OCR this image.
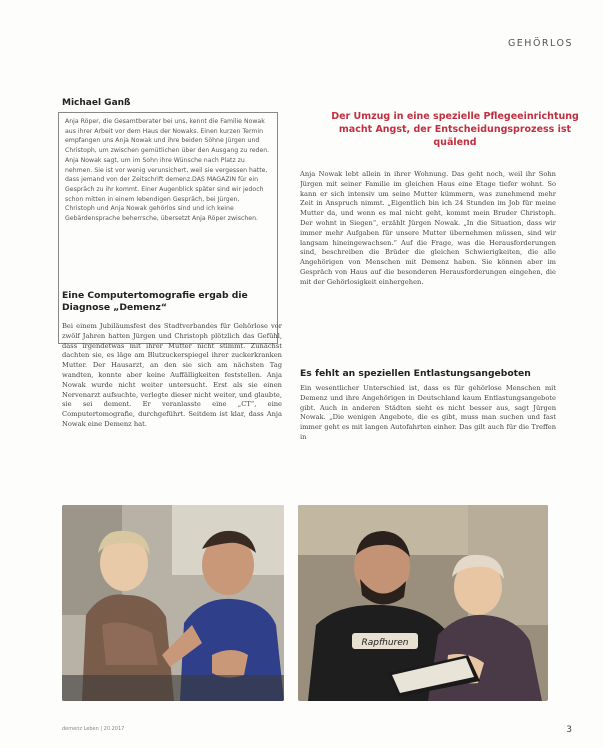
GEHÖRLOS
Michael Ganß
Anja Röper, die Gesamtberater bei uns, kennt die Familie Nowak aus ihrer Arbeit vor dem Haus der Nowaks. Einen kurzen Termin empfangen uns Anja Nowak und ihre beiden Söhne Jürgen und Christoph, um zwischen gemütlichen über den Ausgang zu reden. Anja Nowak sagt, um im Sohn ihre Wünsche nach Platz zu nehmen. Sie ist vor wenig verunsichert, weil sie vergessen hatte, dass jemand von der Zeitschrift demenz.DAS MAGAZIN für ein Gespräch zu ihr kommt. Einer Augenblick später sind wir jedoch schon mitten in einem lebendigen Gespräch, bei Jürgen, Christoph und Anja Nowak gehörlos sind und ich keine Gebärdensprache beherrsche, übersetzt Anja Röper zwischen.
Eine Computertomografie ergab die Diagnose „Demenz“
Bei einem Jubiläumsfest des Stadtverbandes für Gehörlose vor zwölf Jahren hatten Jürgen und Christoph plötzlich das Gefühl, dass irgendetwas mit ihrer Mutter nicht stimmt. Zunächst dachten sie, es läge am Blutzuckerspiegel ihrer zuckerkranken Mutter. Der Hausarzt, an den sie sich am nächsten Tag wandten, konnte aber keine Auffälligkeiten feststellen. Anja Nowak wurde nicht weiter untersucht. Erst als sie einen Nervenarzt aufsuchte, verlegte dieser nicht weiter, und glaubte, sie sei dement. Er veranlasste eine „CT“, eine Computertomografie, durchgeführt. Seitdem ist klar, dass Anja Nowak eine Demenz hat.
Der Umzug in eine spezielle Pflegeeinrichtung macht Angst, der Entscheidungsprozess ist quälend
Anja Nowak lebt allein in ihrer Wohnung. Das geht noch, weil ihr Sohn Jürgen mit seiner Familie im gleichen Haus eine Etage tiefer wohnt. So kann er sich intensiv um seine Mutter kümmern, was zunehmend mehr Zeit in Anspruch nimmt. „Eigentlich bin ich 24 Stunden im Job für meine Mutter da, und wenn es mal nicht geht, kommt mein Bruder Christoph. Der wohnt in Siegen“, erzählt Jürgen Nowak. „In die Situation, dass wir immer mehr Aufgaben für unsere Mutter übernehmen müssen, sind wir langsam hineingewachsen.“ Auf die Frage, was die Herausforderungen sind, beschreiben die Brüder die gleichen Schwierigkeiten, die alle Angehörigen von Menschen mit Demenz haben. Sie können aber im Gespräch von Haus auf die besonderen Herausforderungen eingehen, die mit der Gehörlosigkeit einhergehen.
Es fehlt an speziellen Entlastungsangeboten
Ein wesentlicher Unterschied ist, dass es für gehörlose Menschen mit Demenz und ihre Angehörigen in Deutschland kaum Entlastungsangebote gibt. Auch in anderen Städten sieht es nicht besser aus, sagt Jürgen Nowak. „Die wenigen Angebote, die es gibt, muss man suchen und fast immer geht es mit langen Autofahrten einher. Das gilt auch für die Treffen in
Rapfhuren
demenz Leben | 20.2017	3
